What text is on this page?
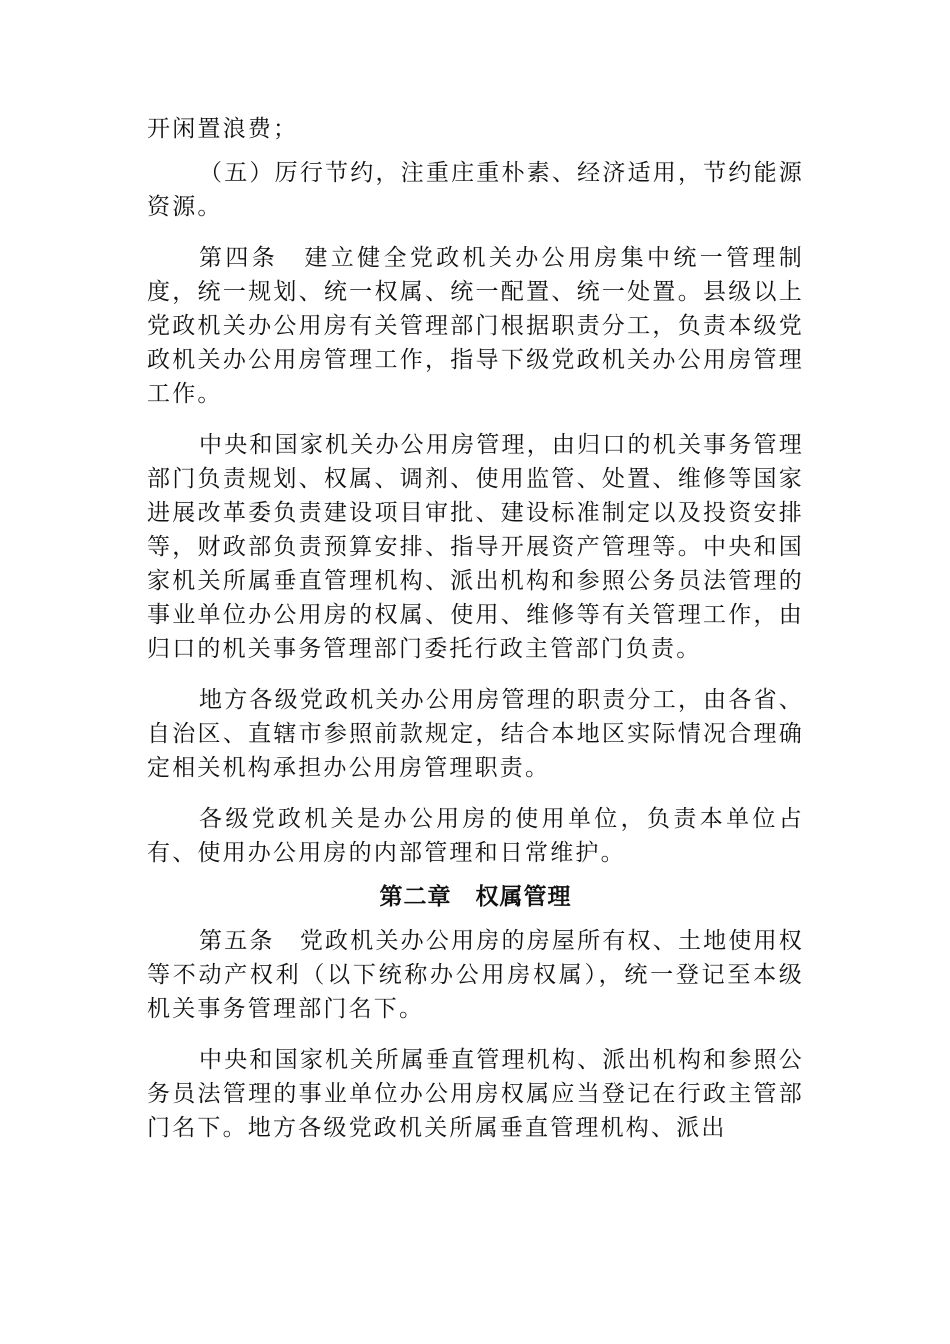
开闲置浪费；

（五）厉行节约，注重庄重朴素、经济适用，节约能源资源。

第四条　建立健全党政机关办公用房集中统一管理制度，统一规划、统一权属、统一配置、统一处置。县级以上党政机关办公用房有关管理部门根据职责分工，负责本级党政机关办公用房管理工作，指导下级党政机关办公用房管理工作。

中央和国家机关办公用房管理，由归口的机关事务管理部门负责规划、权属、调剂、使用监管、处置、维修等国家进展改革委负责建设项目审批、建设标准制定以及投资安排等，财政部负责预算安排、指导开展资产管理等。中央和国家机关所属垂直管理机构、派出机构和参照公务员法管理的事业单位办公用房的权属、使用、维修等有关管理工作，由归口的机关事务管理部门委托行政主管部门负责。

地方各级党政机关办公用房管理的职责分工，由各省、自治区、直辖市参照前款规定，结合本地区实际情况合理确定相关机构承担办公用房管理职责。

各级党政机关是办公用房的使用单位，负责本单位占有、使用办公用房的内部管理和日常维护。

第二章　权属管理

第五条　党政机关办公用房的房屋所有权、土地使用权等不动产权利（以下统称办公用房权属），统一登记至本级机关事务管理部门名下。

中央和国家机关所属垂直管理机构、派出机构和参照公务员法管理的事业单位办公用房权属应当登记在行政主管部门名下。地方各级党政机关所属垂直管理机构、派出
